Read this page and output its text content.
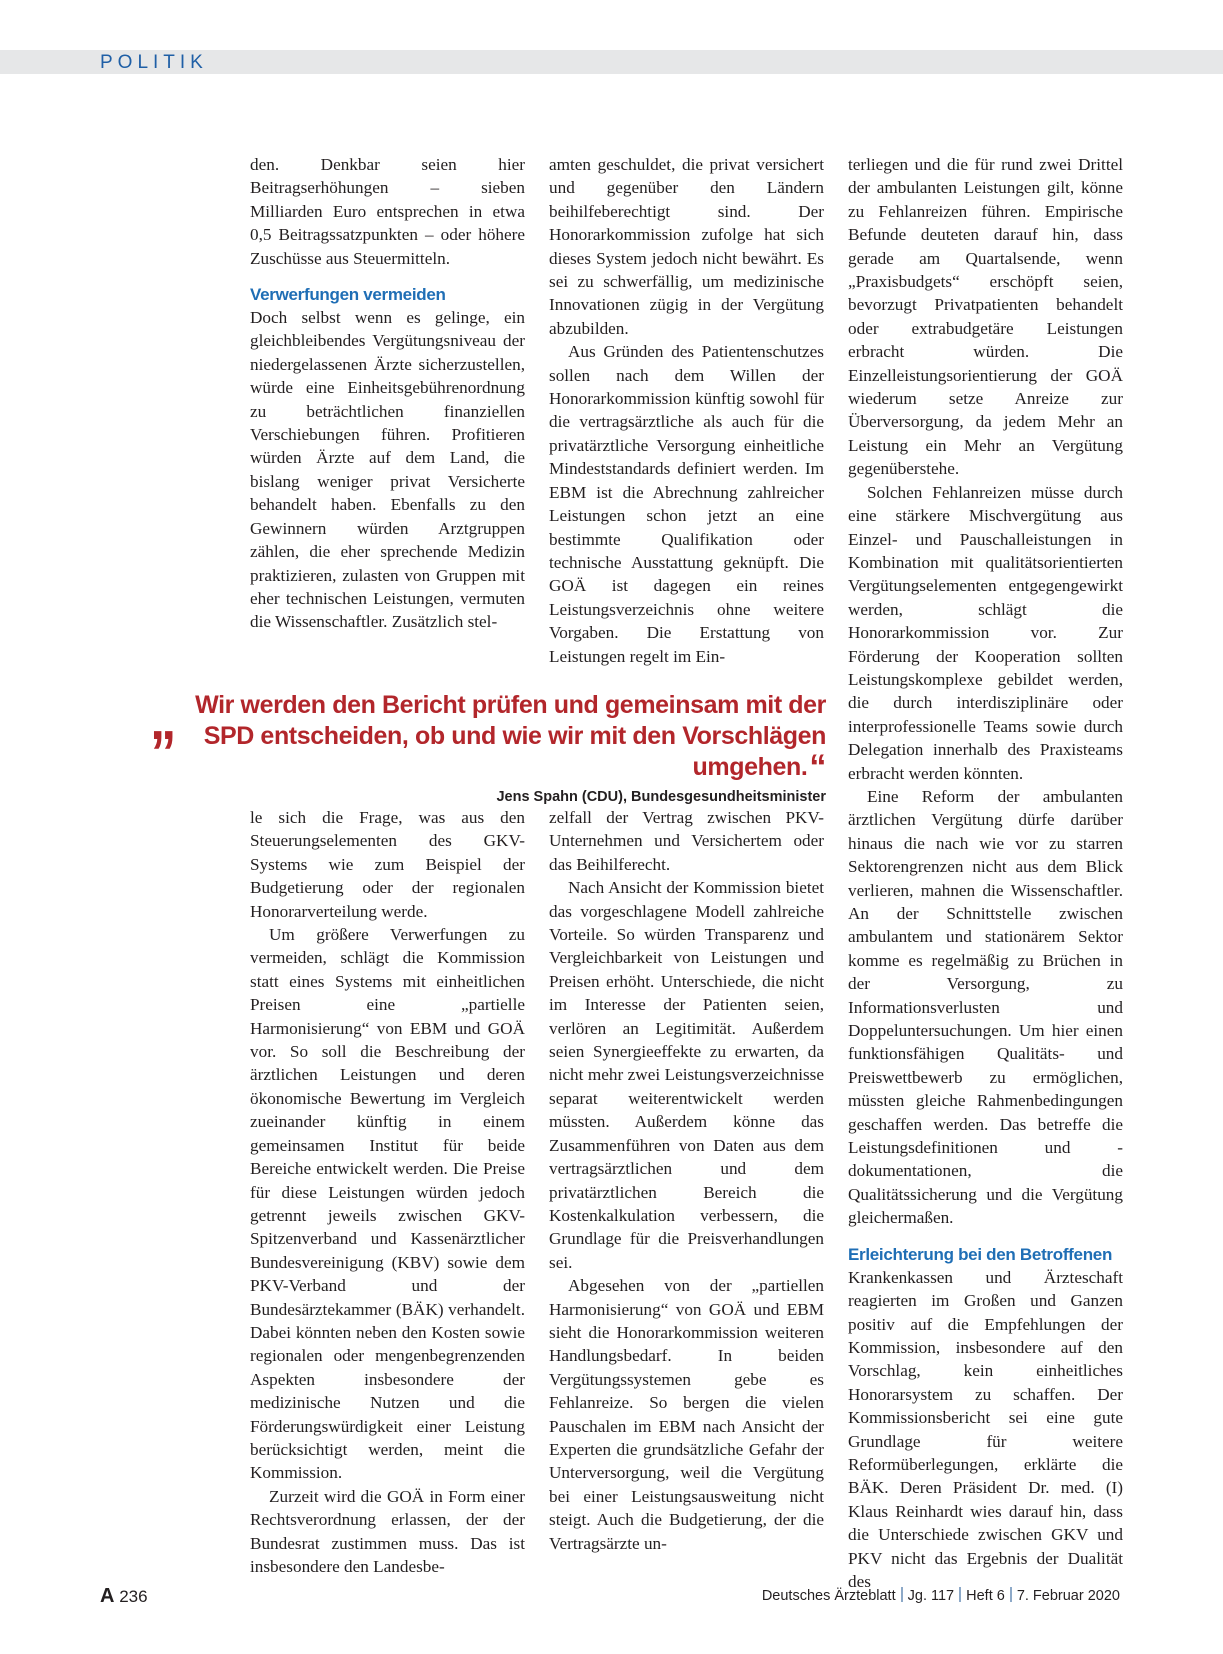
POLITIK

den. Denkbar seien hier Beitragserhöhungen – sieben Milliarden Euro entsprechen in etwa 0,5 Beitragssatzpunkten – oder höhere Zuschüsse aus Steuermitteln.

Verwerfungen vermeiden

Doch selbst wenn es gelinge, ein gleichbleibendes Vergütungsniveau der niedergelassenen Ärzte sicherzustellen, würde eine Einheitsgebührenordnung zu beträchtlichen finanziellen Verschiebungen führen. Profitieren würden Ärzte auf dem Land, die bislang weniger privat Versicherte behandelt haben. Ebenfalls zu den Gewinnern würden Arztgruppen zählen, die eher sprechende Medizin praktizieren, zulasten von Gruppen mit eher technischen Leistungen, vermuten die Wissenschaftler. Zusätzlich stel-

amten geschuldet, die privat versichert und gegenüber den Ländern beihilfeberechtigt sind. Der Honorarkommission zufolge hat sich dieses System jedoch nicht bewährt. Es sei zu schwerfällig, um medizinische Innovationen zügig in der Vergütung abzubilden.

Aus Gründen des Patientenschutzes sollen nach dem Willen der Honorarkommission künftig sowohl für die vertragsärztliche als auch für die privatärztliche Versorgung einheitliche Mindeststandards definiert werden. Im EBM ist die Abrechnung zahlreicher Leistungen schon jetzt an eine bestimmte Qualifikation oder technische Ausstattung geknüpft. Die GOÄ ist dagegen ein reines Leistungsverzeichnis ohne weitere Vorgaben. Die Erstattung von Leistungen regelt im Ein-

le sich die Frage, was aus den Steuerungselementen des GKV-Systems wie zum Beispiel der Budgetierung oder der regionalen Honorarverteilung werde.

Um größere Verwerfungen zu vermeiden, schlägt die Kommission statt eines Systems mit einheitlichen Preisen eine „partielle Harmonisierung“ von EBM und GOÄ vor. So soll die Beschreibung der ärztlichen Leistungen und deren ökonomische Bewertung im Vergleich zueinander künftig in einem gemeinsamen Institut für beide Bereiche entwickelt werden. Die Preise für diese Leistungen würden jedoch getrennt jeweils zwischen GKV-Spitzenverband und Kassenärztlicher Bundesvereinigung (KBV) sowie dem PKV-Verband und der Bundesärztekammer (BÄK) verhandelt. Dabei könnten neben den Kosten sowie regionalen oder mengenbegrenzenden Aspekten insbesondere der medizinische Nutzen und die Förderungswürdigkeit einer Leistung berücksichtigt werden, meint die Kommission.

Zurzeit wird die GOÄ in Form einer Rechtsverordnung erlassen, der der Bundesrat zustimmen muss. Das ist insbesondere den Landesbe-

zelfall der Vertrag zwischen PKV-Unternehmen und Versichertem oder das Beihilferecht.

Nach Ansicht der Kommission bietet das vorgeschlagene Modell zahlreiche Vorteile. So würden Transparenz und Vergleichbarkeit von Leistungen und Preisen erhöht. Unterschiede, die nicht im Interesse der Patienten seien, verlören an Legitimität. Außerdem seien Synergieeffekte zu erwarten, da nicht mehr zwei Leistungsverzeichnisse separat weiterentwickelt werden müssten. Außerdem könne das Zusammenführen von Daten aus dem vertragsärztlichen und dem privatärztlichen Bereich die Kostenkalkulation verbessern, die Grundlage für die Preisverhandlungen sei.

Abgesehen von der „partiellen Harmonisierung“ von GOÄ und EBM sieht die Honorarkommission weiteren Handlungsbedarf. In beiden Vergütungssystemen gebe es Fehlanreize. So bergen die vielen Pauschalen im EBM nach Ansicht der Experten die grundsätzliche Gefahr der Unterversorgung, weil die Vergütung bei einer Leistungsausweitung nicht steigt. Auch die Budgetierung, der die Vertragsärzte un-

terliegen und die für rund zwei Drittel der ambulanten Leistungen gilt, könne zu Fehlanreizen führen. Empirische Befunde deuteten darauf hin, dass gerade am Quartalsende, wenn „Praxisbudgets“ erschöpft seien, bevorzugt Privatpatienten behandelt oder extrabudgetäre Leistungen erbracht würden. Die Einzelleistungsorientierung der GOÄ wiederum setze Anreize zur Überversorgung, da jedem Mehr an Leistung ein Mehr an Vergütung gegenüberstehe.

Solchen Fehlanreizen müsse durch eine stärkere Mischvergütung aus Einzel- und Pauschalleistungen in Kombination mit qualitätsorientierten Vergütungselementen entgegengewirkt werden, schlägt die Honorarkommission vor. Zur Förderung der Kooperation sollten Leistungskomplexe gebildet werden, die durch interdisziplinäre oder interprofessionelle Teams sowie durch Delegation innerhalb des Praxisteams erbracht werden könnten.

Eine Reform der ambulanten ärztlichen Vergütung dürfe darüber hinaus die nach wie vor zu starren Sektorengrenzen nicht aus dem Blick verlieren, mahnen die Wissenschaftler. An der Schnittstelle zwischen ambulantem und stationärem Sektor komme es regelmäßig zu Brüchen in der Versorgung, zu Informationsverlusten und Doppeluntersuchungen. Um hier einen funktionsfähigen Qualitäts- und Preiswettbewerb zu ermöglichen, müssten gleiche Rahmenbedingungen geschaffen werden. Das betreffe die Leistungsdefinitionen und -dokumentationen, die Qualitätssicherung und die Vergütung gleichermaßen.

Erleichterung bei den Betroffenen

Krankenkassen und Ärzteschaft reagierten im Großen und Ganzen positiv auf die Empfehlungen der Kommission, insbesondere auf den Vorschlag, kein einheitliches Honorarsystem zu schaffen. Der Kommissionsbericht sei eine gute Grundlage für weitere Reformüberlegungen, erklärte die BÄK. Deren Präsident Dr. med. (I) Klaus Reinhardt wies darauf hin, dass die Unterschiede zwischen GKV und PKV nicht das Ergebnis der Dualität des

„ Wir werden den Bericht prüfen und gemeinsam mit der SPD entscheiden, ob und wie wir mit den Vorschlägen umgehen.“

Jens Spahn (CDU), Bundesgesundheitsminister
A 236	Deutsches Ärzteblatt Jg. 117 Heft 6 7. Februar 2020
